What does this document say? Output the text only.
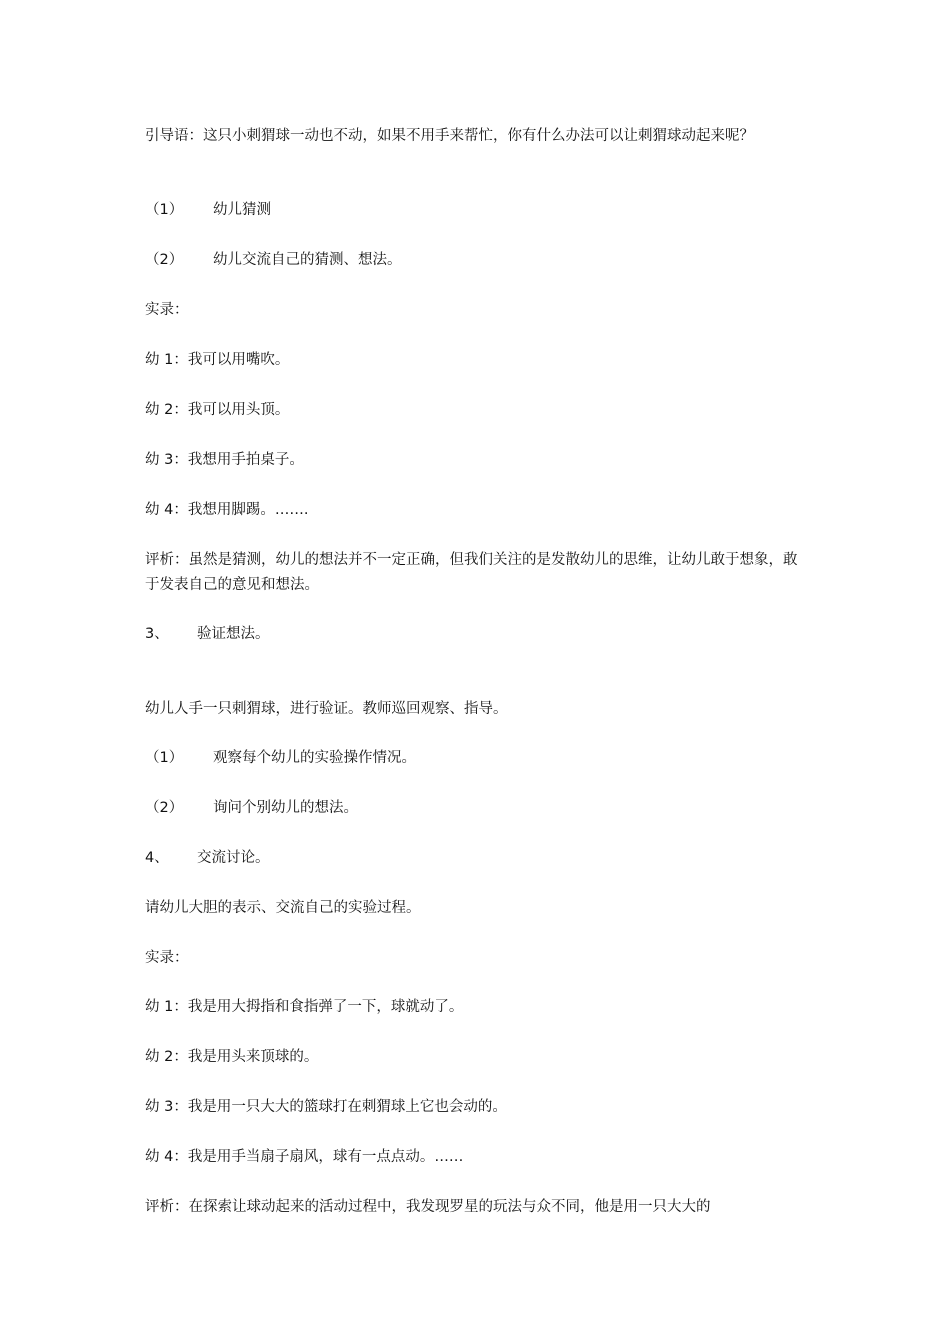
引导语：这只小刺猬球一动也不动，如果不用手来帮忙，你有什么办法可以让刺猬球动起来呢？
（1） 幼儿猜测
（2） 幼儿交流自己的猜测、想法。
实录：
幼 1：我可以用嘴吹。
幼 2：我可以用头顶。
幼 3：我想用手拍桌子。
幼 4：我想用脚踢。…….
评析：虽然是猜测，幼儿的想法并不一定正确，但我们关注的是发散幼儿的思维，让幼儿敢于想象，敢于发表自己的意见和想法。
3、 验证想法。
幼儿人手一只刺猬球，进行验证。教师巡回观察、指导。
（1） 观察每个幼儿的实验操作情况。
（2） 询问个别幼儿的想法。
4、 交流讨论。
请幼儿大胆的表示、交流自己的实验过程。
实录：
幼 1：我是用大拇指和食指弹了一下，球就动了。
幼 2：我是用头来顶球的。
幼 3：我是用一只大大的篮球打在刺猬球上它也会动的。
幼 4：我是用手当扇子扇风，球有一点点动。……
评析：在探索让球动起来的活动过程中，我发现罗星的玩法与众不同，他是用一只大大的
